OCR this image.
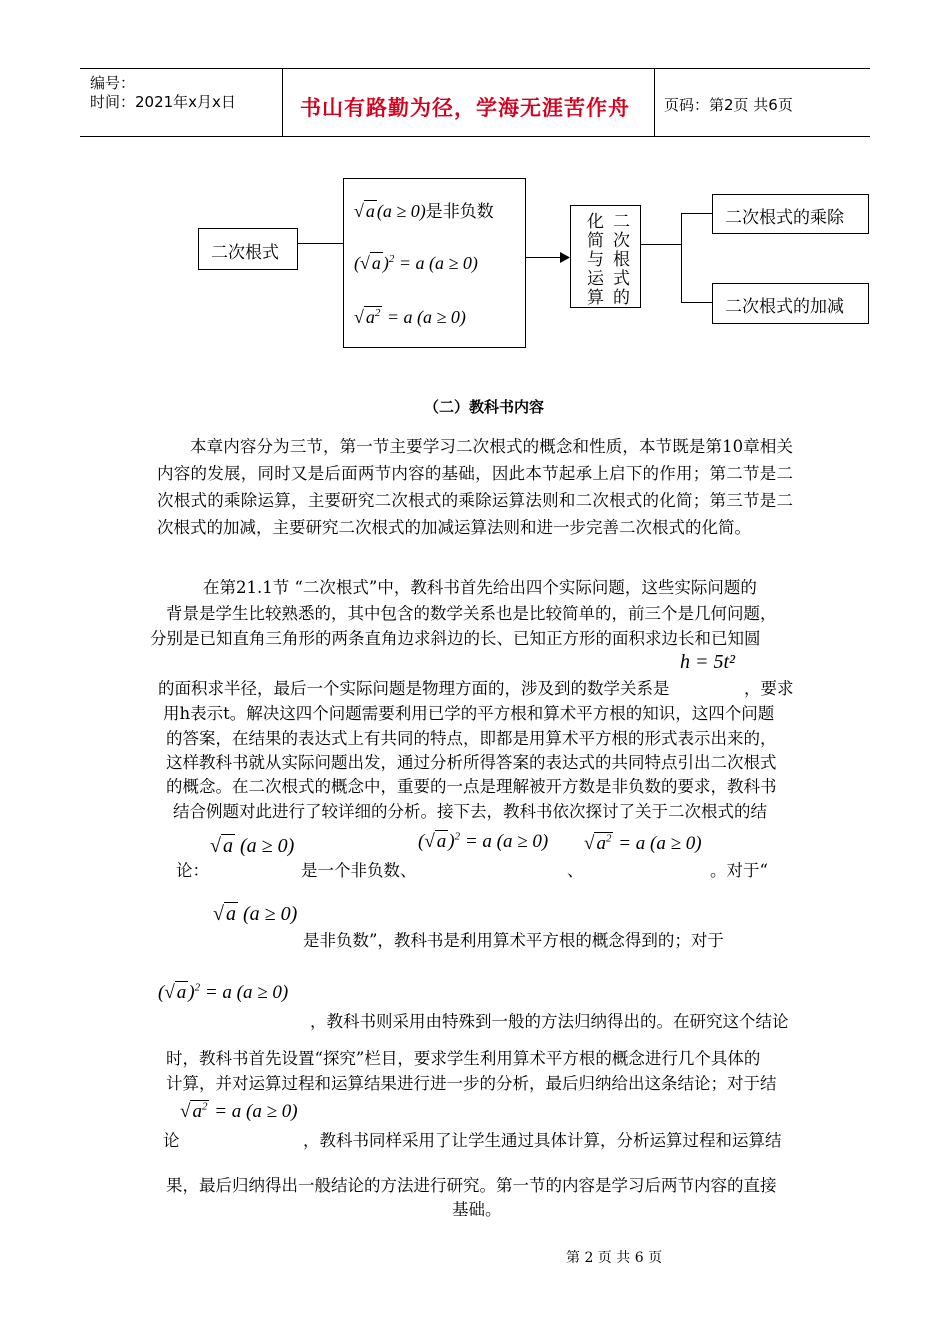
编号：
时间：2021年x月x日	书山有路勤为径，学海无涯苦作舟 页码：第2页 共6页
二次根式
√ a (a ≥ 0)是非负数
(√ a )$^2$ = a (a ≥ 0)
√ $a^2 = a$ (a ≥ 0)
二次根式的
化简与运算	二次根式的乘除
二次根式的加减
（二）教科书内容
本章内容分为三节，第一节主要学习二次根式的概念和性质，本节既是第10章相关内容的发展，同时又是后面两节内容的基础，因此本节起承上启下的作用；第二节是二次根式的乘除运算，主要研究二次根式的乘除运算法则和二次根式的化简；第三节是二次根式的加减，主要研究二次根式的加减运算法则和进一步完善二次根式的化简。
在第21.1节 “二次根式”中，教科书首先给出四个实际问题，这些实际问题的
背景是学生比较熟悉的，其中包含的数学关系也是比较简单的，前三个是几何问题，
分别是已知直角三角形的两条直角边求斜边的长、已知正方形的面积求边长和已知圆
h = 5t²
的面积求半径，最后一个实际问题是物理方面的，涉及到的数学关系是	，要求
用h表示t。解决这四个问题需要利用已学的平方根和算术平方根的知识，这四个问题
的答案，在结果的表达式上有共同的特点，即都是用算术平方根的形式表示出来的，
这样教科书就从实际问题出发，通过分析所得答案的表达式的共同特点引出二次根式
的概念。在二次根式的概念中，重要的一点是理解被开方数是非负数的要求，教科书
结合例题对此进行了较详细的分析。接下去，教科书依次探讨了关于二次根式的结
√ a (a ≥ 0)	(√ a )$^2$ = a (a ≥ 0) √ $a^2 = a$ (a ≥ 0)
论：	是一个非负数、	、	。对于“
√ a (a ≥ 0)
是非负数”，教科书是利用算术平方根的概念得到的；对于
(√ a )$^2$ = a (a ≥ 0)
，教科书则采用由特殊到一般的方法归纳得出的。在研究这个结论
时，教科书首先设置“探究”栏目，要求学生利用算术平方根的概念进行几个具体的
计算，并对运算过程和运算结果进行进一步的分析，最后归纳给出这条结论；对于结
√ $a^2 = a$ (a ≥ 0)
论	，教科书同样采用了让学生通过具体计算，分析运算过程和运算结
果，最后归纳得出一般结论的方法进行研究。第一节的内容是学习后两节内容的直接
基础。
第 2 页 共 6 页
